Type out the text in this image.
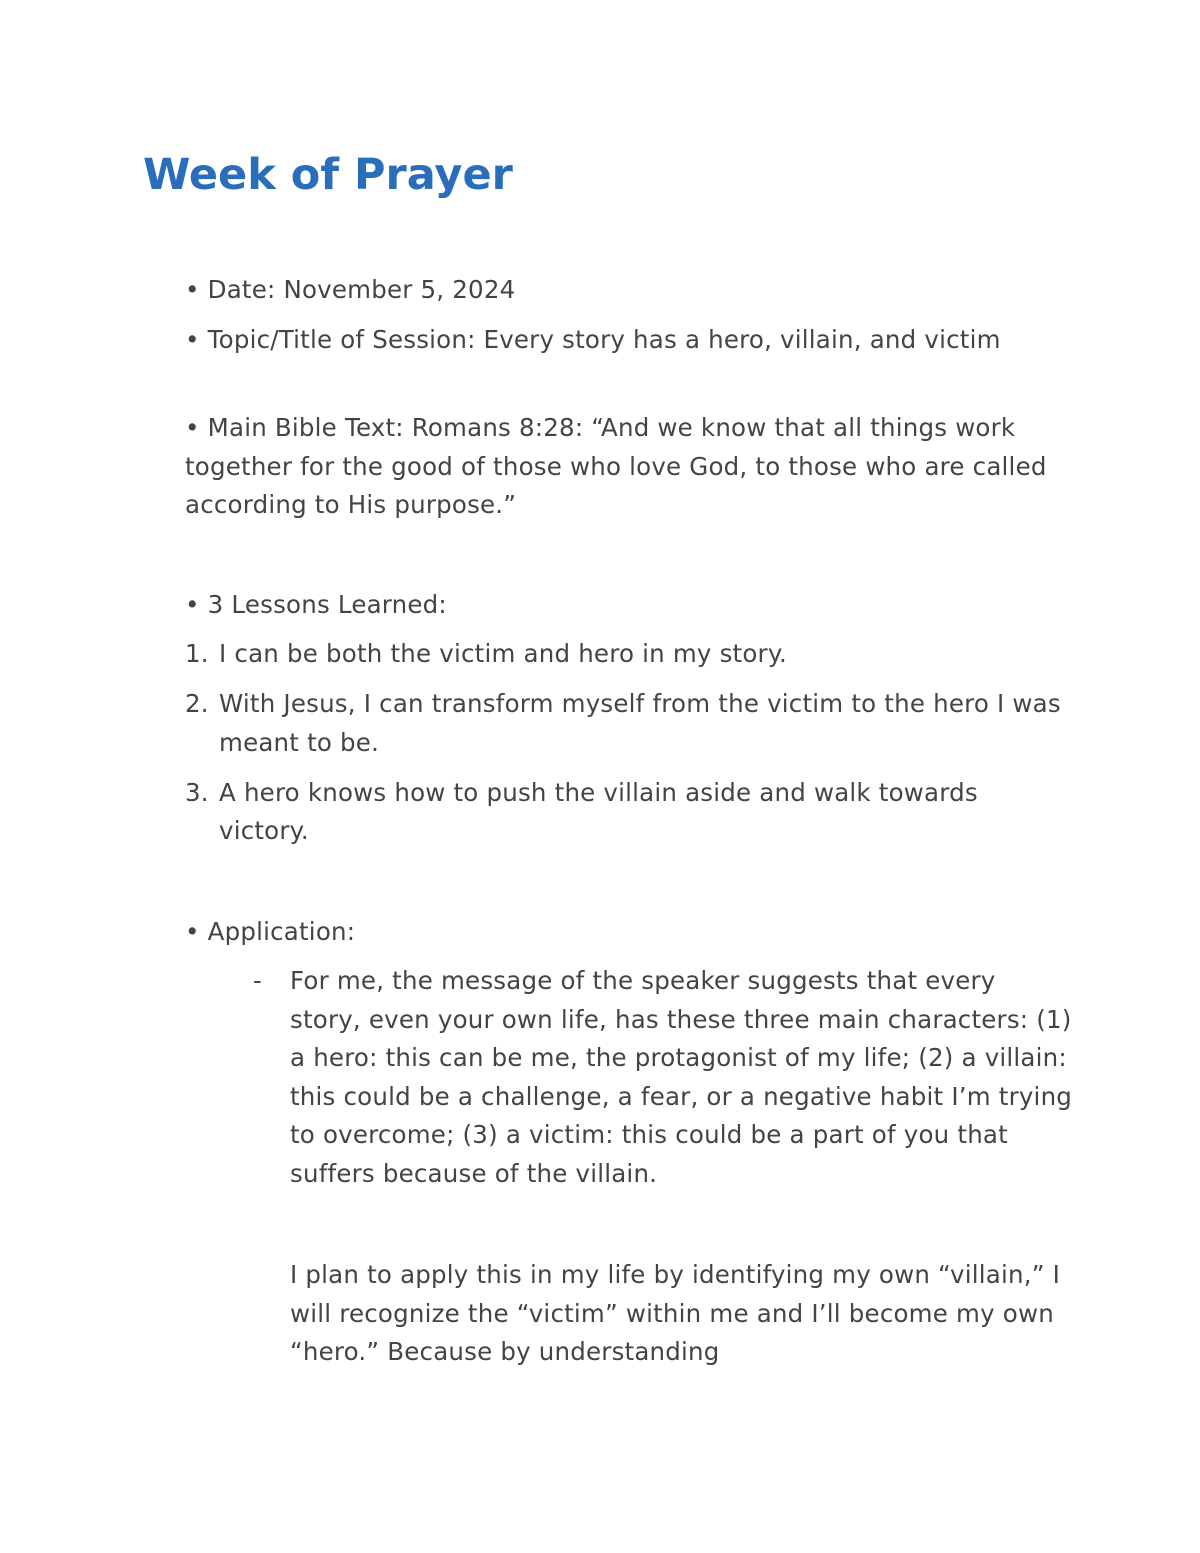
Week of Prayer

• Date: November 5, 2024

• Topic/Title of Session: Every story has a hero, villain, and victim

• Main Bible Text: Romans 8:28: “And we know that all things work together for the good of those who love God, to those who are called according to His purpose.”

• 3 Lessons Learned:

1. I can be both the victim and hero in my story.
2. With Jesus, I can transform myself from the victim to the hero I was meant to be.
3. A hero knows how to push the villain aside and walk towards victory.

• Application:

-	For me, the message of the speaker suggests that every story, even your own life, has these three main characters: (1) a hero: this can be me, the protagonist of my life; (2) a villain: this could be a challenge, a fear, or a negative habit I’m trying to overcome; (3) a victim: this could be a part of you that suffers because of the villain.

I plan to apply this in my life by identifying my own “villain,” I will recognize the “victim” within me and I’ll become my own “hero.” Because by understanding
